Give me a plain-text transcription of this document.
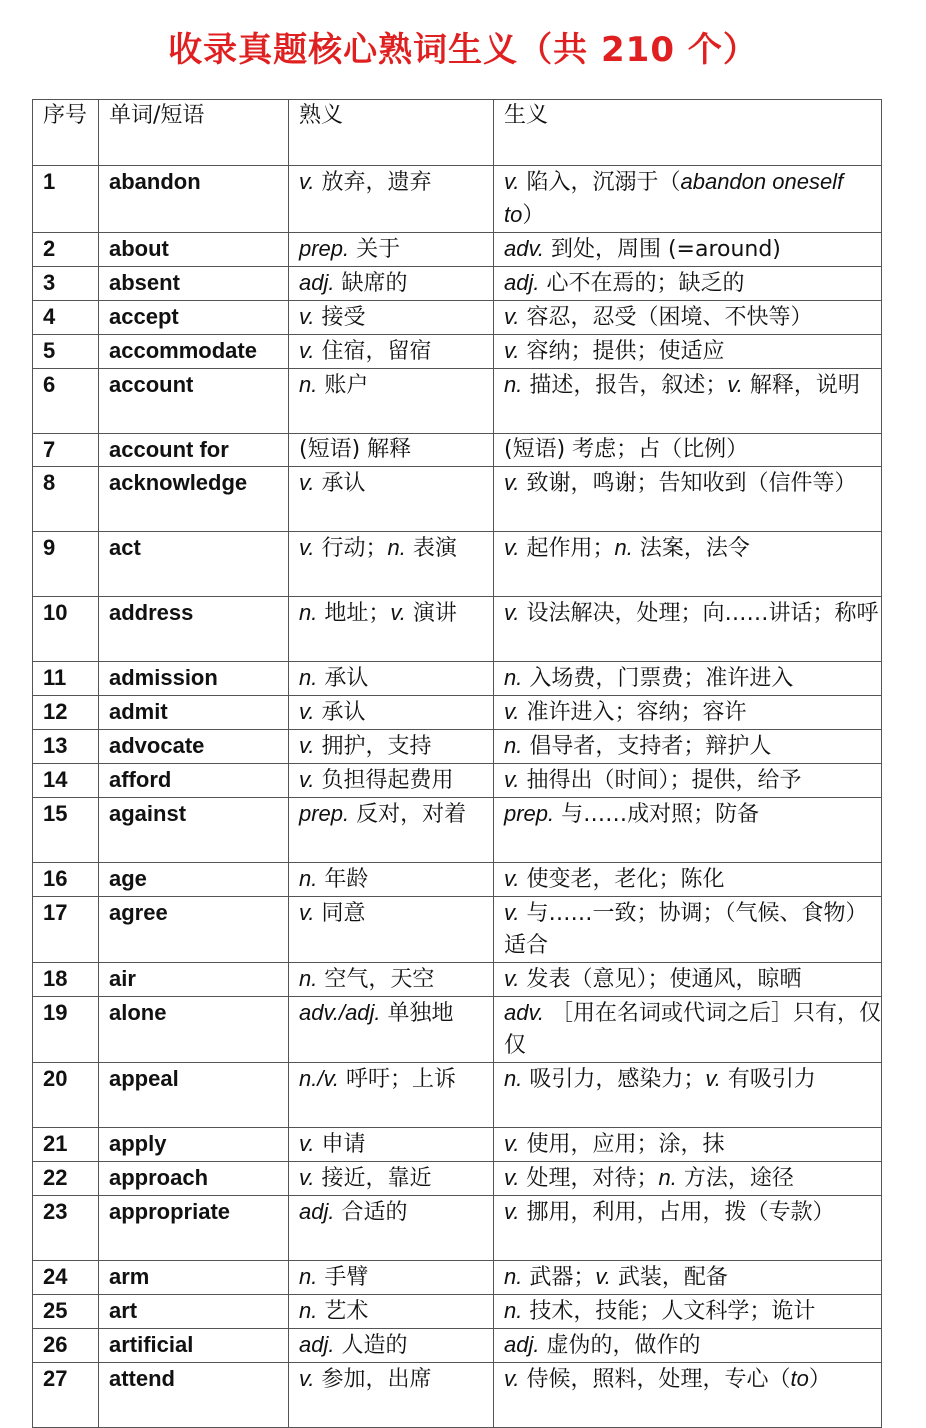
收录真题核心熟词生义（共 210 个）
序号	单词/短语	熟义	生义
1	abandon	v. 放弃，遗弃	v. 陷入，沉溺于（abandon oneself to）
2	about	prep. 关于	adv. 到处，周围 (=around)
3	absent	adj. 缺席的	adj. 心不在焉的；缺乏的
4	accept	v. 接受	v. 容忍，忍受（困境、不快等）
5	accommodate	v. 住宿，留宿	v. 容纳；提供；使适应
6	account	n. 账户	n. 描述，报告，叙述；v. 解释，说明
7	account for	(短语) 解释	(短语) 考虑；占（比例）
8	acknowledge	v. 承认	v. 致谢，鸣谢；告知收到（信件等）
9	act	v. 行动；n. 表演	v. 起作用；n. 法案，法令
10	address	n. 地址；v. 演讲	v. 设法解决，处理；向……讲话；称呼
11	admission	n. 承认	n. 入场费，门票费；准许进入
12	admit	v. 承认	v. 准许进入；容纳；容许
13	advocate	v. 拥护，支持	n. 倡导者，支持者；辩护人
14	afford	v. 负担得起费用	v. 抽得出（时间）；提供，给予
15	against	prep. 反对，对着	prep. 与……成对照；防备
16	age	n. 年龄	v. 使变老，老化；陈化
17	agree	v. 同意	v. 与……一致；协调；（气候、食物）适合
18	air	n. 空气，天空	v. 发表（意见）；使通风，晾晒
19	alone	adv./adj. 单独地	adv. ［用在名词或代词之后］只有，仅仅
20	appeal	n./v. 呼吁；上诉	n. 吸引力，感染力；v. 有吸引力
21	apply	v. 申请	v. 使用，应用；涂，抹
22	approach	v. 接近，靠近	v. 处理，对待；n. 方法，途径
23	appropriate	adj. 合适的	v. 挪用，利用，占用，拨（专款）
24	arm	n. 手臂	n. 武器；v. 武装，配备
25	art	n. 艺术	n. 技术，技能；人文科学；诡计
26	artificial	adj. 人造的	adj. 虚伪的，做作的
27	attend	v. 参加，出席	v. 侍候，照料，处理，专心（to）
